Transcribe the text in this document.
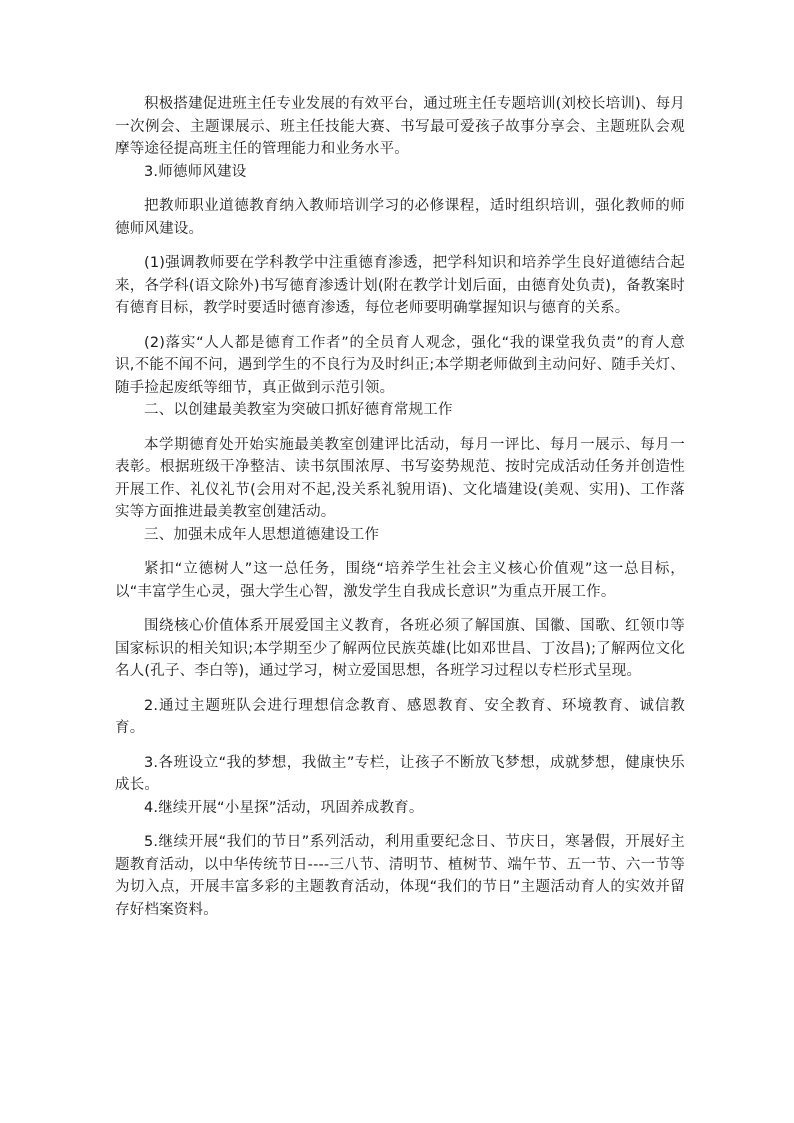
积极搭建促进班主任专业发展的有效平台，通过班主任专题培训(刘校长培训)、每月一次例会、主题课展示、班主任技能大赛、书写最可爱孩子故事分享会、主题班队会观摩等途径提高班主任的管理能力和业务水平。

3.师德师风建设

把教师职业道德教育纳入教师培训学习的必修课程，适时组织培训，强化教师的师德师风建设。

(1)强调教师要在学科教学中注重德育渗透，把学科知识和培养学生良好道德结合起来，各学科(语文除外)书写德育渗透计划(附在教学计划后面，由德育处负责)，备教案时有德育目标，教学时要适时德育渗透，每位老师要明确掌握知识与德育的关系。

(2)落实“人人都是德育工作者”的全员育人观念，强化“我的课堂我负责”的育人意识,不能不闻不问，遇到学生的不良行为及时纠正;本学期老师做到主动问好、随手关灯、随手捡起废纸等细节，真正做到示范引领。

二、以创建最美教室为突破口抓好德育常规工作

本学期德育处开始实施最美教室创建评比活动，每月一评比、每月一展示、每月一表彰。根据班级干净整洁、读书氛围浓厚、书写姿势规范、按时完成活动任务并创造性开展工作、礼仪礼节(会用对不起,没关系礼貌用语)、文化墙建设(美观、实用)、工作落实等方面推进最美教室创建活动。

三、加强未成年人思想道德建设工作

紧扣“立德树人”这一总任务，围绕“培养学生社会主义核心价值观”这一总目标，以“丰富学生心灵，强大学生心智，激发学生自我成长意识”为重点开展工作。

围绕核心价值体系开展爱国主义教育，各班必须了解国旗、国徽、国歌、红领巾等国家标识的相关知识;本学期至少了解两位民族英雄(比如邓世昌、丁汝昌);了解两位文化名人(孔子、李白等)，通过学习，树立爱国思想，各班学习过程以专栏形式呈现。

2.通过主题班队会进行理想信念教育、感恩教育、安全教育、环境教育、诚信教育。

3.各班设立“我的梦想，我做主”专栏，让孩子不断放飞梦想，成就梦想，健康快乐成长。

4.继续开展“小星探”活动，巩固养成教育。

5.继续开展“我们的节日”系列活动，利用重要纪念日、节庆日，寒暑假，开展好主题教育活动，以中华传统节日----三八节、清明节、植树节、端午节、五一节、六一节等为切入点，开展丰富多彩的主题教育活动，体现“我们的节日”主题活动育人的实效并留存好档案资料。
